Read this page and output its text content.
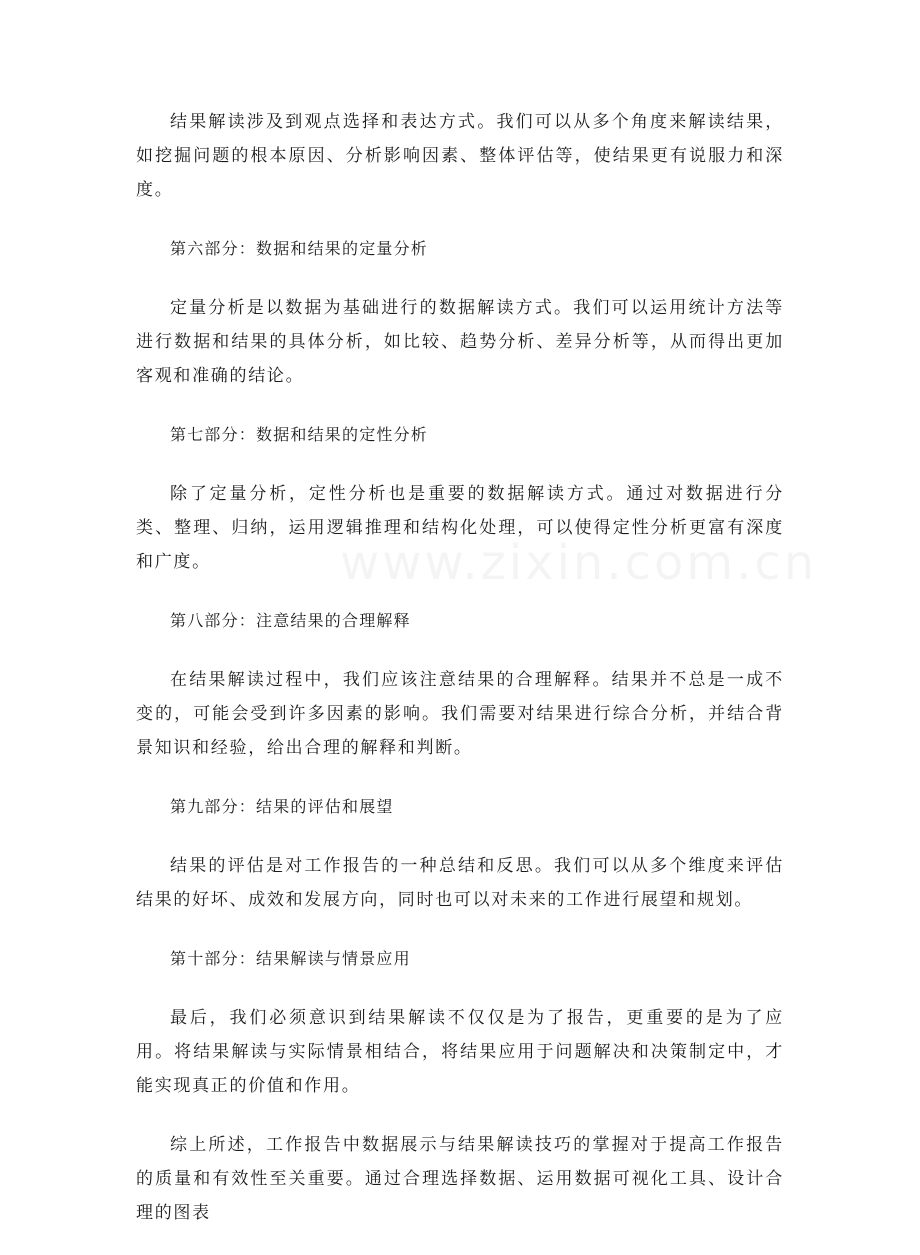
结果解读涉及到观点选择和表达方式。我们可以从多个角度来解读结果，如挖掘问题的根本原因、分析影响因素、整体评估等，使结果更有说服力和深度。

第六部分：数据和结果的定量分析

定量分析是以数据为基础进行的数据解读方式。我们可以运用统计方法等进行数据和结果的具体分析，如比较、趋势分析、差异分析等，从而得出更加客观和准确的结论。

第七部分：数据和结果的定性分析

除了定量分析，定性分析也是重要的数据解读方式。通过对数据进行分类、整理、归纳，运用逻辑推理和结构化处理，可以使得定性分析更富有深度和广度。

第八部分：注意结果的合理解释

在结果解读过程中，我们应该注意结果的合理解释。结果并不总是一成不变的，可能会受到许多因素的影响。我们需要对结果进行综合分析，并结合背景知识和经验，给出合理的解释和判断。

第九部分：结果的评估和展望

结果的评估是对工作报告的一种总结和反思。我们可以从多个维度来评估结果的好坏、成效和发展方向，同时也可以对未来的工作进行展望和规划。

第十部分：结果解读与情景应用

最后，我们必须意识到结果解读不仅仅是为了报告，更重要的是为了应用。将结果解读与实际情景相结合，将结果应用于问题解决和决策制定中，才能实现真正的价值和作用。

综上所述，工作报告中数据展示与结果解读技巧的掌握对于提高工作报告的质量和有效性至关重要。通过合理选择数据、运用数据可视化工具、设计合理的图表
